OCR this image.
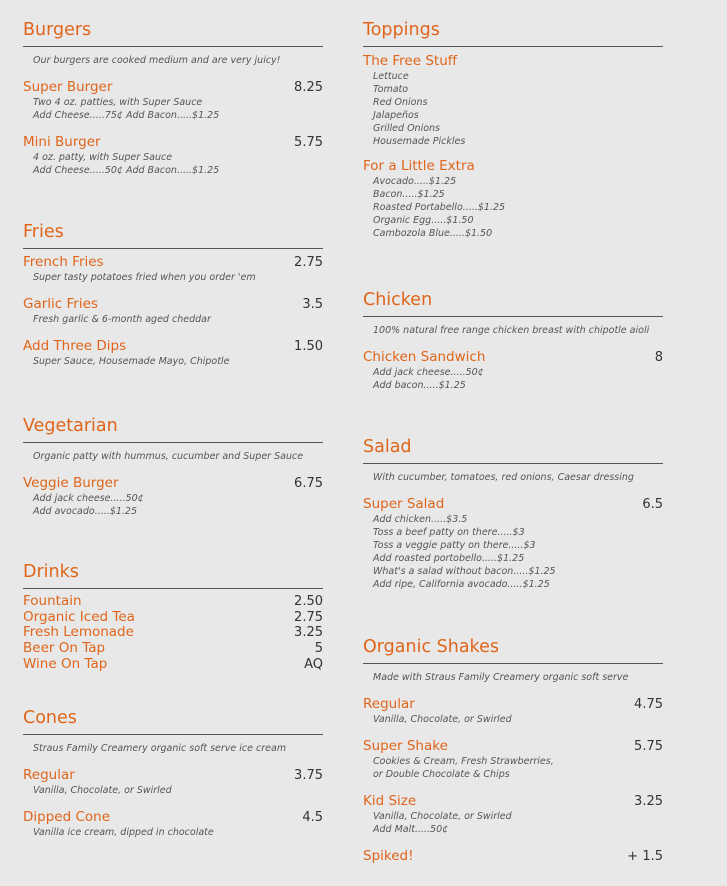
Burgers
Our burgers are cooked medium and are very juicy!
Super Burger	8.25
Two 4 oz. patties, with Super Sauce
Add Cheese.....75¢ Add Bacon.....$1.25
Mini Burger	5.75
4 oz. patty, with Super Sauce
Add Cheese.....50¢ Add Bacon.....$1.25
Fries
French Fries	2.75
Super tasty potatoes fried when you order 'em
Garlic Fries	3.5
Fresh garlic & 6-month aged cheddar
Add Three Dips	1.50
Super Sauce, Housemade Mayo, Chipotle
Vegetarian
Organic patty with hummus, cucumber and Super Sauce
Veggie Burger	6.75
Add jack cheese.....50¢
Add avocado.....$1.25
Drinks
Fountain	2.50
Organic Iced Tea	2.75
Fresh Lemonade	3.25
Beer On Tap	5
Wine On Tap	AQ
Cones
Straus Family Creamery organic soft serve ice cream
Regular	3.75
Vanilla, Chocolate, or Swirled
Dipped Cone	4.5
Vanilla ice cream, dipped in chocolate
Toppings
The Free Stuff
Lettuce
Tomato
Red Onions
Jalapeños
Grilled Onions
Housemade Pickles
For a Little Extra
Avocado.....$1.25
Bacon.....$1.25
Roasted Portabello.....$1.25
Organic Egg.....$1.50
Cambozola Blue.....$1.50
Chicken
100% natural free range chicken breast with chipotle aioli
Chicken Sandwich	8
Add jack cheese.....50¢
Add bacon.....$1.25
Salad
With cucumber, tomatoes, red onions, Caesar dressing
Super Salad	6.5
Add chicken.....$3.5
Toss a beef patty on there.....$3
Toss a veggie patty on there.....$3
Add roasted portobello.....$1.25
What's a salad without bacon.....$1.25
Add ripe, California avocado.....$1.25
Organic Shakes
Made with Straus Family Creamery organic soft serve
Regular	4.75
Vanilla, Chocolate, or Swirled
Super Shake	5.75
Cookies & Cream, Fresh Strawberries,
or Double Chocolate & Chips
Kid Size	3.25
Vanilla, Chocolate, or Swirled
Add Malt.....50¢
Spiked!	+ 1.5
